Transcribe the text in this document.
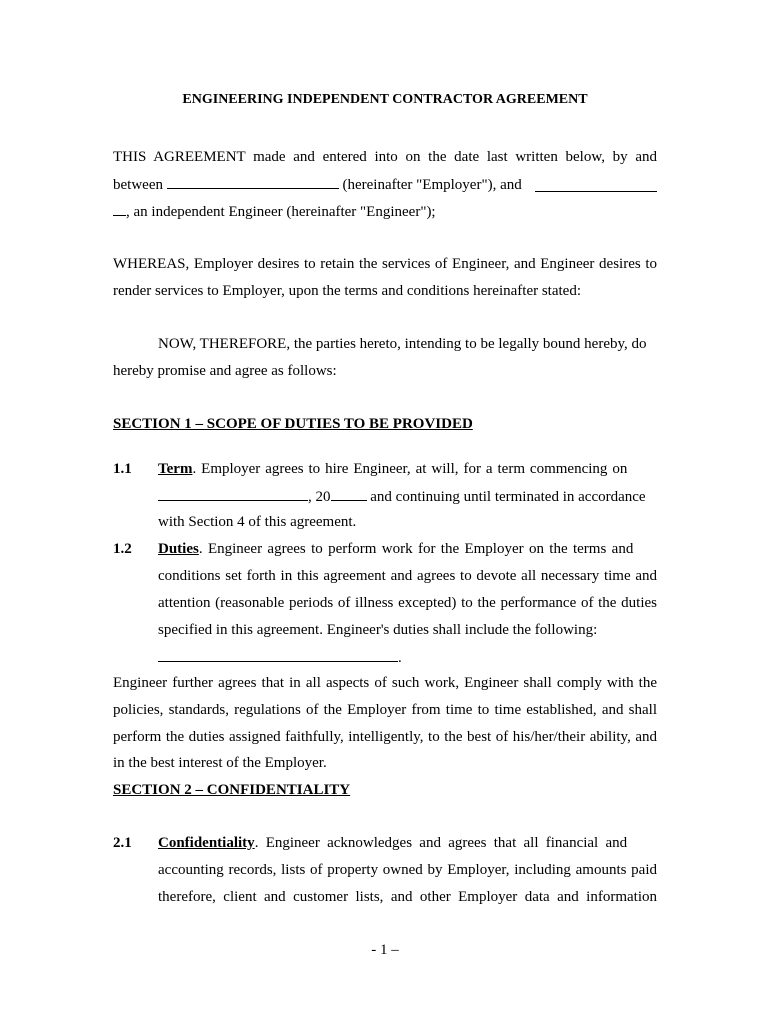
ENGINEERING INDEPENDENT CONTRACTOR AGREEMENT
THIS AGREEMENT made and entered into on the date last written below, by and
between	(hereinafter "Employer"), and
, an independent Engineer (hereinafter "Engineer");
WHEREAS, Employer desires to retain the services of Engineer, and Engineer desires to
render services to Employer, upon the terms and conditions hereinafter stated:
NOW, THEREFORE, the parties hereto, intending to be legally bound hereby, do
hereby promise and agree as follows:
SECTION 1 – SCOPE OF DUTIES TO BE PROVIDED
1.1 Term. Employer agrees to hire Engineer, at will, for a term commencing on
, 20	and continuing until terminated in accordance
with Section 4 of this agreement.
1.2 Duties. Engineer agrees to perform work for the Employer on the terms and
conditions set forth in this agreement and agrees to devote all necessary time and
attention (reasonable periods of illness excepted) to the performance of the duties
specified in this agreement. Engineer's duties shall include the following:
.
Engineer further agrees that in all aspects of such work, Engineer shall comply with the
policies, standards, regulations of the Employer from time to time established, and shall
perform the duties assigned faithfully, intelligently, to the best of his/her/their ability, and
in the best interest of the Employer.
SECTION 2 – CONFIDENTIALITY
2.1 Confidentiality. Engineer acknowledges and agrees that all financial and
accounting records, lists of property owned by Employer, including amounts paid
therefore, client and customer lists, and other Employer data and information
- 1 –
